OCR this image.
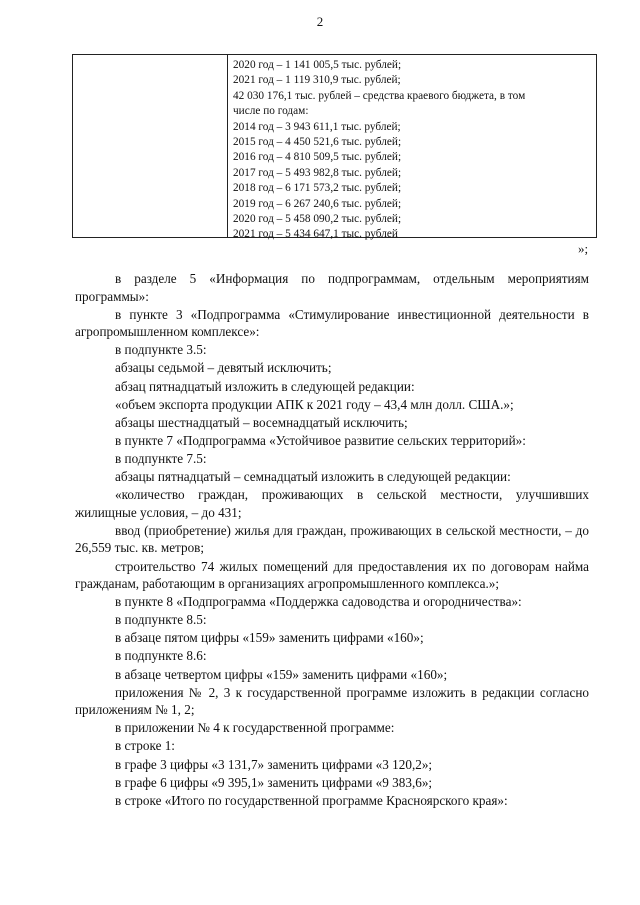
2
2020 год – 1 141 005,5 тыс. рублей;
2021 год – 1 119 310,9 тыс. рублей;
42 030 176,1 тыс. рублей – средства краевого бюджета, в том
числе по годам:
2014 год – 3 943 611,1 тыс. рублей;
2015 год – 4 450 521,6 тыс. рублей;
2016 год – 4 810 509,5 тыс. рублей;
2017 год – 5 493 982,8 тыс. рублей;
2018 год – 6 171 573,2 тыс. рублей;
2019 год – 6 267 240,6 тыс. рублей;
2020 год – 5 458 090,2 тыс. рублей;
2021 год – 5 434 647,1 тыс. рублей
»;
в разделе 5 «Информация по подпрограммам, отдельным мероприятиям программы»:
в пункте 3 «Подпрограмма «Стимулирование инвестиционной деятельности в агропромышленном комплексе»:
в подпункте 3.5:
абзацы седьмой – девятый исключить;
абзац пятнадцатый изложить в следующей редакции:
«объем экспорта продукции АПК к 2021 году – 43,4 млн долл. США.»;
абзацы шестнадцатый – восемнадцатый исключить;
в пункте 7 «Подпрограмма «Устойчивое развитие сельских территорий»:
в подпункте 7.5:
абзацы пятнадцатый – семнадцатый изложить в следующей редакции:
«количество граждан, проживающих в сельской местности, улучшивших жилищные условия, – до 431;
ввод (приобретение) жилья для граждан, проживающих в сельской местности, – до 26,559 тыс. кв. метров;
строительство 74 жилых помещений для предоставления их по договорам найма гражданам, работающим в организациях агропромышленного комплекса.»;
в пункте 8 «Подпрограмма «Поддержка садоводства и огородничества»:
в подпункте 8.5:
в абзаце пятом цифры «159» заменить цифрами «160»;
в подпункте 8.6:
в абзаце четвертом цифры «159» заменить цифрами «160»;
приложения № 2, 3 к государственной программе изложить в редакции согласно приложениям № 1, 2;
в приложении № 4 к государственной программе:
в строке 1:
в графе 3 цифры «3 131,7» заменить цифрами «3 120,2»;
в графе 6 цифры «9 395,1» заменить цифрами «9 383,6»;
в строке «Итого по государственной программе Красноярского края»:
